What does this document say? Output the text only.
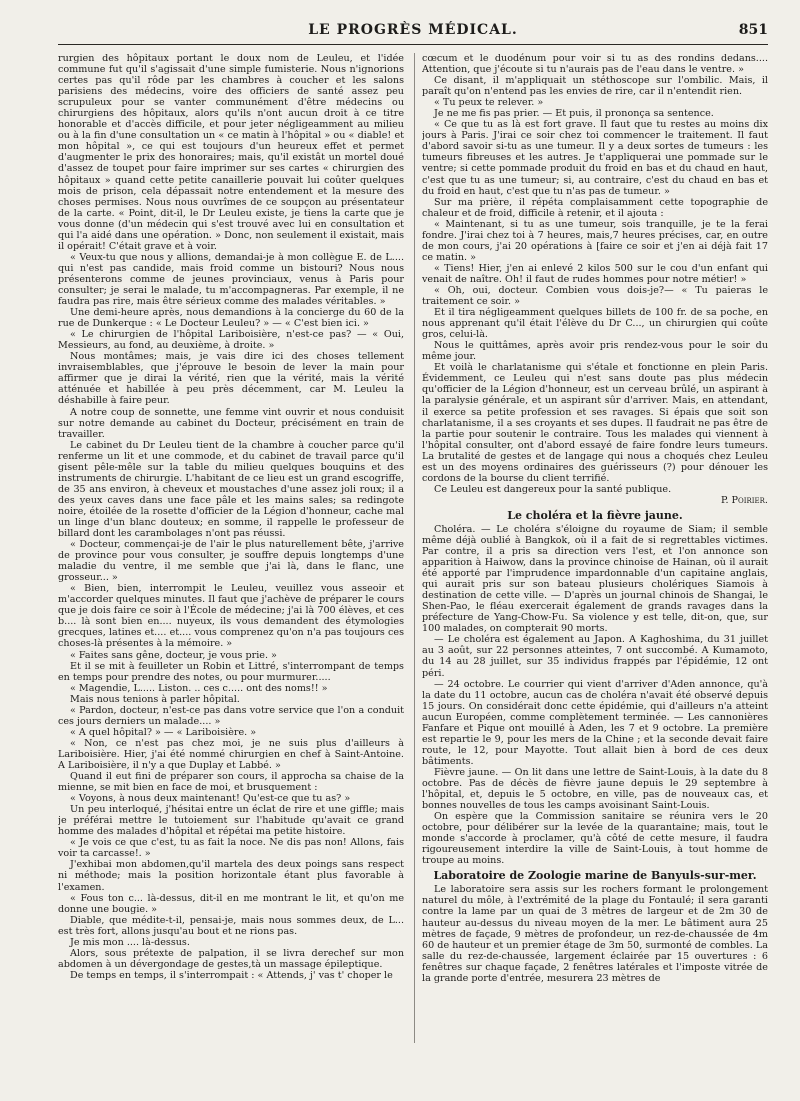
LE PROGRÈS MÉDICAL.	851

rurgien des hôpitaux portant le doux nom de Leuleu, et l'idée commune fut qu'il s'agissait d'une simple fumisterie. Nous n'ignorions certes pas qu'il rôde par les chambres à coucher et les salons parisiens des médecins, voire des officiers de santé assez peu scrupuleux pour se vanter communément d'être médecins ou chirurgiens des hôpitaux, alors qu'ils n'ont aucun droit à ce titre honorable et d'accès difficile, et pour jeter négligeamment au milieu ou à la fin d'une consultation un « ce matin à l'hôpital » ou « diable! et mon hôpital », ce qui est toujours d'un heureux effet et permet d'augmenter le prix des honoraires; mais, qu'il existât un mortel doué d'assez de toupet pour faire imprimer sur ses cartes « chirurgien des hôpitaux » quand cette petite canaillerie pouvait lui coûter quelques mois de prison, cela dépassait notre entendement et la mesure des choses permises. Nous nous ouvrîmes de ce soupçon au présentateur de la carte. « Point, dit-il, le Dr Leuleu existe, je tiens la carte que je vous donne (d'un médecin qui s'est trouvé avec lui en consultation et qui l'a aidé dans une opération. » Donc, non seulement il existait, mais il opérait! C'était grave et à voir.

« Veux-tu que nous y allions, demandai-je à mon collègue E. de L.... qui n'est pas candide, mais froid comme un bistouri? Nous nous présenterons comme de jeunes provinciaux, venus à Paris pour consulter; je serai le malade, tu m'accompagneras. Par exemple, il ne faudra pas rire, mais être sérieux comme des malades véritables. »

Une demi-heure après, nous demandions à la concierge du 60 de la rue de Dunkerque : « Le Docteur Leuleu? » — « C'est bien ici. »

« Le chirurgien de l'hôpital Lariboisière, n'est-ce pas? — « Oui, Messieurs, au fond, au deuxième, à droite. »

Nous montâmes; mais, je vais dire ici des choses tellement invraisemblables, que j'éprouve le besoin de lever la main pour affirmer que je dirai la vérité, rien que la vérité, mais la vérité atténuée et habillée à peu près décemment, car M. Leuleu la déshabille à faire peur.

A notre coup de sonnette, une femme vint ouvrir et nous conduisit sur notre demande au cabinet du Docteur, précisément en train de travailler.

Le cabinet du Dr Leuleu tient de la chambre à coucher parce qu'il renferme un lit et une commode, et du cabinet de travail parce qu'il gisent pêle-mêle sur la table du milieu quelques bouquins et des instruments de chirurgie. L'habitant de ce lieu est un grand escogriffe, de 35 ans environ, à cheveux et moustaches d'une assez joli roux; il a des yeux caves dans une face pâle et les mains sales; sa redingote noire, étoilée de la rosette d'officier de la Légion d'honneur, cache mal un linge d'un blanc douteux; en somme, il rappelle le professeur de billard dont les carambolages n'ont pas réussi.

« Docteur, commençai-je de l'air le plus naturellement bête, j'arrive de province pour vous consulter, je souffre depuis longtemps d'une maladie du ventre, il me semble que j'ai là, dans le flanc, une grosseur... »

« Bien, bien, interrompit le Leuleu, veuillez vous asseoir et m'accorder quelques minutes. Il faut que j'achève de préparer le cours que je dois faire ce soir à l'École de médecine; j'ai là 700 élèves, et ces b.... là sont bien en.... nuyeux, ils vous demandent des étymologies grecques, latines et.... et.... vous comprenez qu'on n'a pas toujours ces choses-là présentes à la mémoire. »

« Faites sans gêne, docteur, je vous prie. »

Et il se mit à feuilleter un Robin et Littré, s'interrompant de temps en temps pour prendre des notes, ou pour murmurer.....

« Magendie, L..... Liston. .. ces c..... ont des noms!! »

Mais nous tenions à parler hôpital.

« Pardon, docteur, n'est-ce pas dans votre service que l'on a conduit ces jours derniers un malade.... »

« A quel hôpital? » — « Lariboisière. »

« Non, ce n'est pas chez moi, je ne suis plus d'ailleurs à Lariboisière. Hier, j'ai été nommé chirurgien en chef à Saint-Antoine. A Lariboisière, il n'y a que Duplay et Labbé. »

Quand il eut fini de préparer son cours, il approcha sa chaise de la mienne, se mit bien en face de moi, et brusquement :

« Voyons, à nous deux maintenant! Qu'est-ce que tu as? »

Un peu interloqué, j'hésitai entre un éclat de rire et une giffle; mais je préférai mettre le tutoiement sur l'habitude qu'avait ce grand homme des malades d'hôpital et répétai ma petite histoire.

« Je vois ce que c'est, tu as fait la noce. Ne dis pas non! Allons, fais voir ta carcasse!. »

J'exhibai mon abdomen,qu'il martela des deux poings sans respect ni méthode; mais la position horizontale étant plus favorable à l'examen.

« Fous ton c... là-dessus, dit-il en me montrant le lit, et qu'on me donne une bougie. »

Diable, que médite-t-il, pensai-je, mais nous sommes deux, de L... est très fort, allons jusqu'au bout et ne rions pas.

Je mis mon .... là-dessus.

Alors, sous prétexte de palpation, il se livra derechef sur mon abdomen à un dévergondage de gestes,tà un massage épileptique.

De temps en temps, il s'interrompait : « Attends, j' vas t' choper le

cœcum et le duodénum pour voir si tu as des rondins dedans.... Attention, que j'écoute si tu n'aurais pas de l'eau dans le ventre. »

Ce disant, il m'appliquait un stéthoscope sur l'ombilic. Mais, il paraît qu'on n'entend pas les envies de rire, car il n'entendit rien.

« Tu peux te relever. »

Je ne me fis pas prier. — Et puis, il prononça sa sentence.

« Ce que tu as là est fort grave. Il faut que tu restes au moins dix jours à Paris. J'irai ce soir chez toi commencer le traitement. Il faut d'abord savoir si-tu as une tumeur. Il y a deux sortes de tumeurs : les tumeurs fibreuses et les autres. Je t'appliquerai une pommade sur le ventre; si cette pommade produit du froid en bas et du chaud en haut, c'est que tu as une tumeur; si, au contraire, c'est du chaud en bas et du froid en haut, c'est que tu n'as pas de tumeur. »

Sur ma prière, il répéta complaisamment cette topographie de chaleur et de froid, difficile à retenir, et il ajouta :

« Maintenant, si tu as une tumeur, sois tranquille, je te la ferai fondre. J'irai chez toi à 7 heures, mais,7 heures précises, car, en outre de mon cours, j'ai 20 opérations à [faire ce soir et j'en ai déjà fait 17 ce matin. »

« Tiens! Hier, j'en ai enlevé 2 kilos 500 sur le cou d'un enfant qui venait de naître. Oh! il faut de rudes hommes pour notre métier! »

« Oh, oui, docteur. Combien vous dois-je?— « Tu paieras le traitement ce soir. »

Et il tira négligeamment quelques billets de 100 fr. de sa poche, en nous apprenant qu'il était l'élève du Dr C..., un chirurgien qui coûte gros, celui-là.

Nous le quittâmes, après avoir pris rendez-vous pour le soir du même jour.

Et voilà le charlatanisme qui s'étale et fonctionne en plein Paris. Évidemment, ce Leuleu qui n'est sans doute pas plus médecin qu'officier de la Légion d'honneur, est un cerveau brûlé, un aspirant à la paralysie générale, et un aspirant sûr d'arriver. Mais, en attendant, il exerce sa petite profession et ses ravages. Si épais que soit son charlatanisme, il a ses croyants et ses dupes. Il faudrait ne pas être de la partie pour soutenir le contraire. Tous les malades qui viennent à l'hôpital consulter, ont d'abord essayé de faire fondre leurs tumeurs. La brutalité de gestes et de langage qui nous a choqués chez Leuleu est un des moyens ordinaires des guérisseurs (?) pour dénouer les cordons de la bourse du client terrifié.

Ce Leuleu est dangereux pour la santé publique.

P. Poirier.

Le choléra et la fièvre jaune.

Choléra. — Le choléra s'éloigne du royaume de Siam; il semble même déjà oublié à Bangkok, où il a fait de si regrettables victimes. Par contre, il a pris sa direction vers l'est, et l'on annonce son apparition à Haiwow, dans la province chinoise de Hainan, où il aurait été apporté par l'imprudence impardonnable d'un capitaine anglais, qui aurait pris sur son bateau plusieurs cholériques Siamois à destination de cette ville. — D'après un journal chinois de Shangai, le Shen-Pao, le fléau exercerait également de grands ravages dans la préfecture de Yang-Chow-Fu. Sa violence y est telle, dit-on, que, sur 100 malades, on compterait 90 morts.

— Le choléra est également au Japon. A Kaghoshima, du 31 juillet au 3 août, sur 22 personnes atteintes, 7 ont succombé. A Kumamoto, du 14 au 28 juillet, sur 35 individus frappés par l'épidémie, 12 ont péri.

— 24 octobre. Le courrier qui vient d'arriver d'Aden annonce, qu'à la date du 11 octobre, aucun cas de choléra n'avait été observé depuis 15 jours. On considérait donc cette épidémie, qui d'ailleurs n'a atteint aucun Européen, comme complètement terminée. — Les cannonières Fanfare et Pique ont mouillé à Aden, les 7 et 9 octobre. La première est repartie le 9, pour les mers de la Chine ; et la seconde devait faire route, le 12, pour Mayotte. Tout allait bien à bord de ces deux bâtiments.

Fièvre jaune. — On lit dans une lettre de Saint-Louis, à la date du 8 octobre. Pas de décès de fièvre jaune depuis le 29 septembre à l'hôpital, et, depuis le 5 octobre, en ville, pas de nouveaux cas, et bonnes nouvelles de tous les camps avoisinant Saint-Louis.

On espère que la Commission sanitaire se réunira vers le 20 octobre, pour délibérer sur la levée de la quarantaine; mais, tout le monde s'accorde à proclamer, qu'à côté de cette mesure, il faudra rigoureusement interdire la ville de Saint-Louis, à tout homme de troupe au moins.

Laboratoire de Zoologie marine de Banyuls-sur-mer.

Le laboratoire sera assis sur les rochers formant le prolongement naturel du môle, à l'extrémité de la plage du Fontaulé; il sera garanti contre la lame par un quai de 3 mètres de largeur et de 2m 30 de hauteur au-dessus du niveau moyen de la mer. Le bâtiment aura 25 mètres de façade, 9 mètres de profondeur, un rez-de-chaussée de 4m 60 de hauteur et un premier étage de 3m 50, surmonté de combles. La salle du rez-de-chaussée, largement éclairée par 15 ouvertures : 6 fenêtres sur chaque façade, 2 fenêtres latérales et l'imposte vitrée de la grande porte d'entrée, mesurera 23 mètres de
